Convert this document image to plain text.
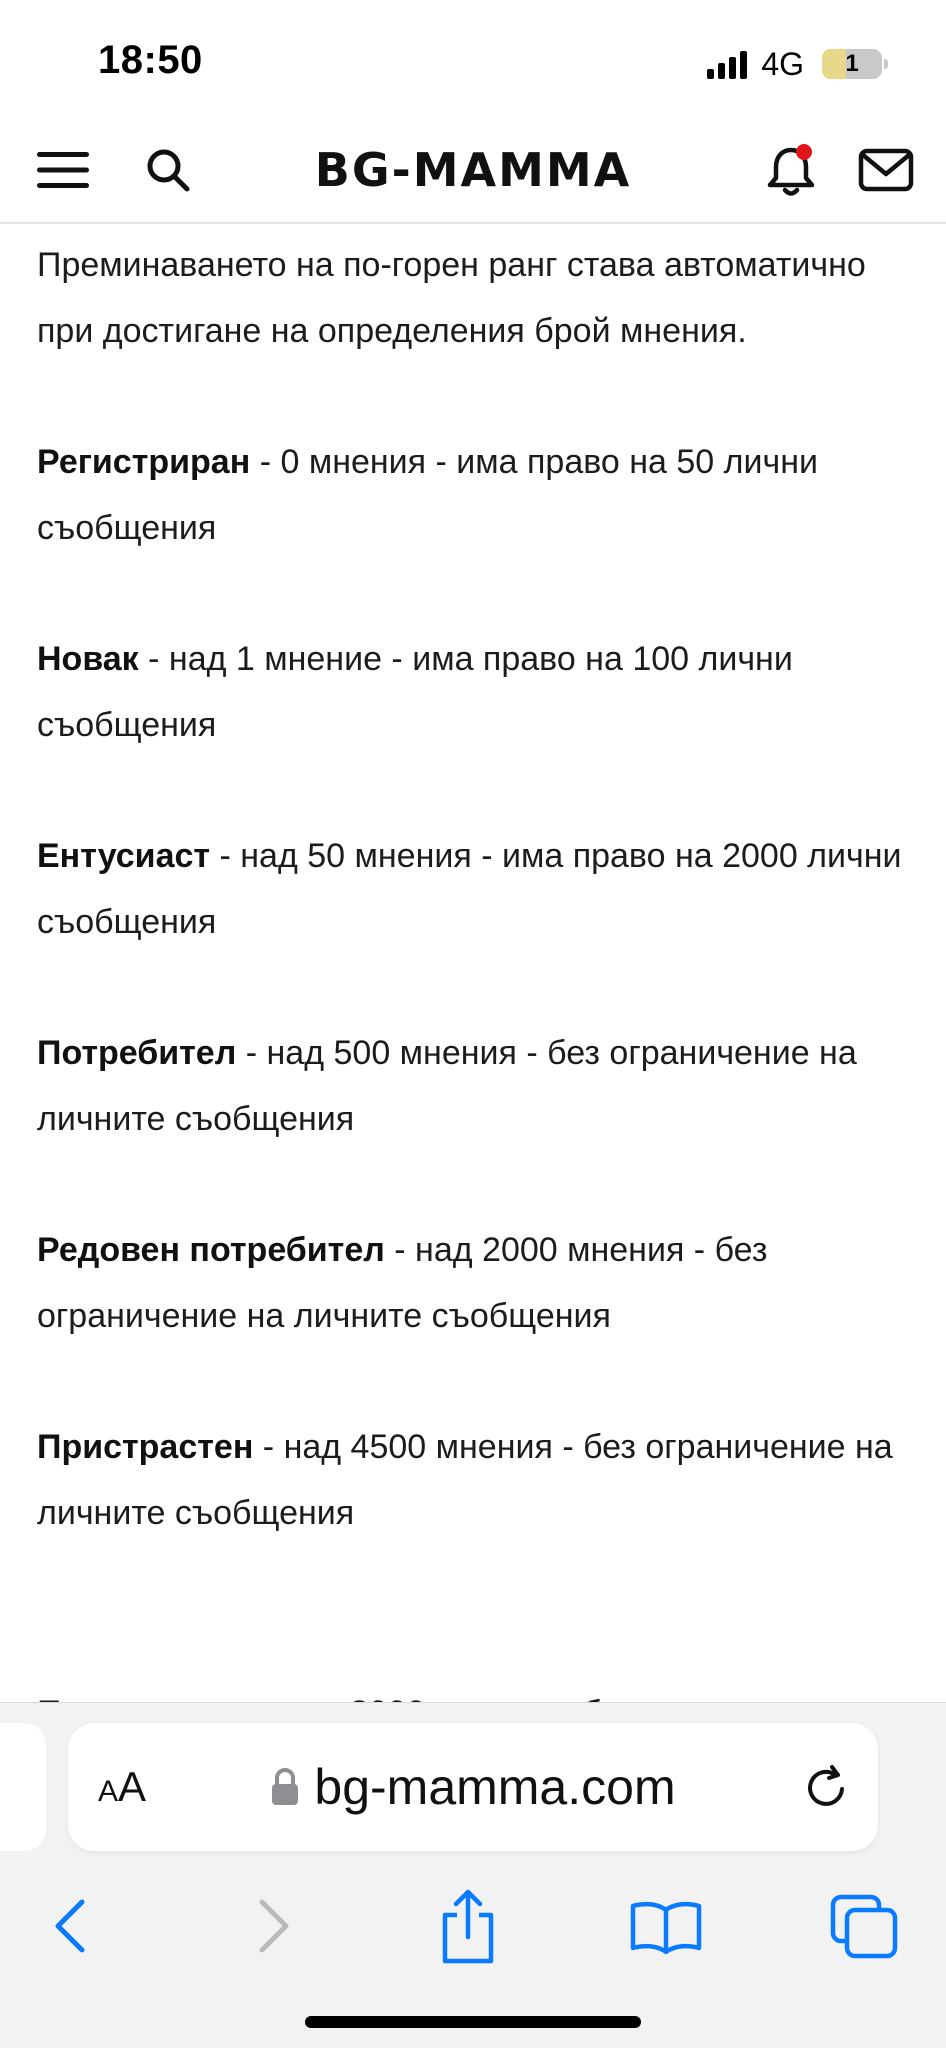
18:50	4G	1
BG-MAMMA

Преминаването на по-горен ранг става автоматично при достигане на определения брой мнения.

Регистриран - 0 мнения - има право на 50 лични съобщения

Новак - над 1 мнение - има право на 100 лични съобщения

Ентусиаст - над 50 мнения - има право на 2000 лични съобщения

Потребител - над 500 мнения - без ограничение на личните съобщения

Редовен потребител - над 2000 мнения - без ограничение на личните съобщения

Пристрастен - над 4500 мнения - без ограничение на личните съобщения

A A	bg-mamma.com
